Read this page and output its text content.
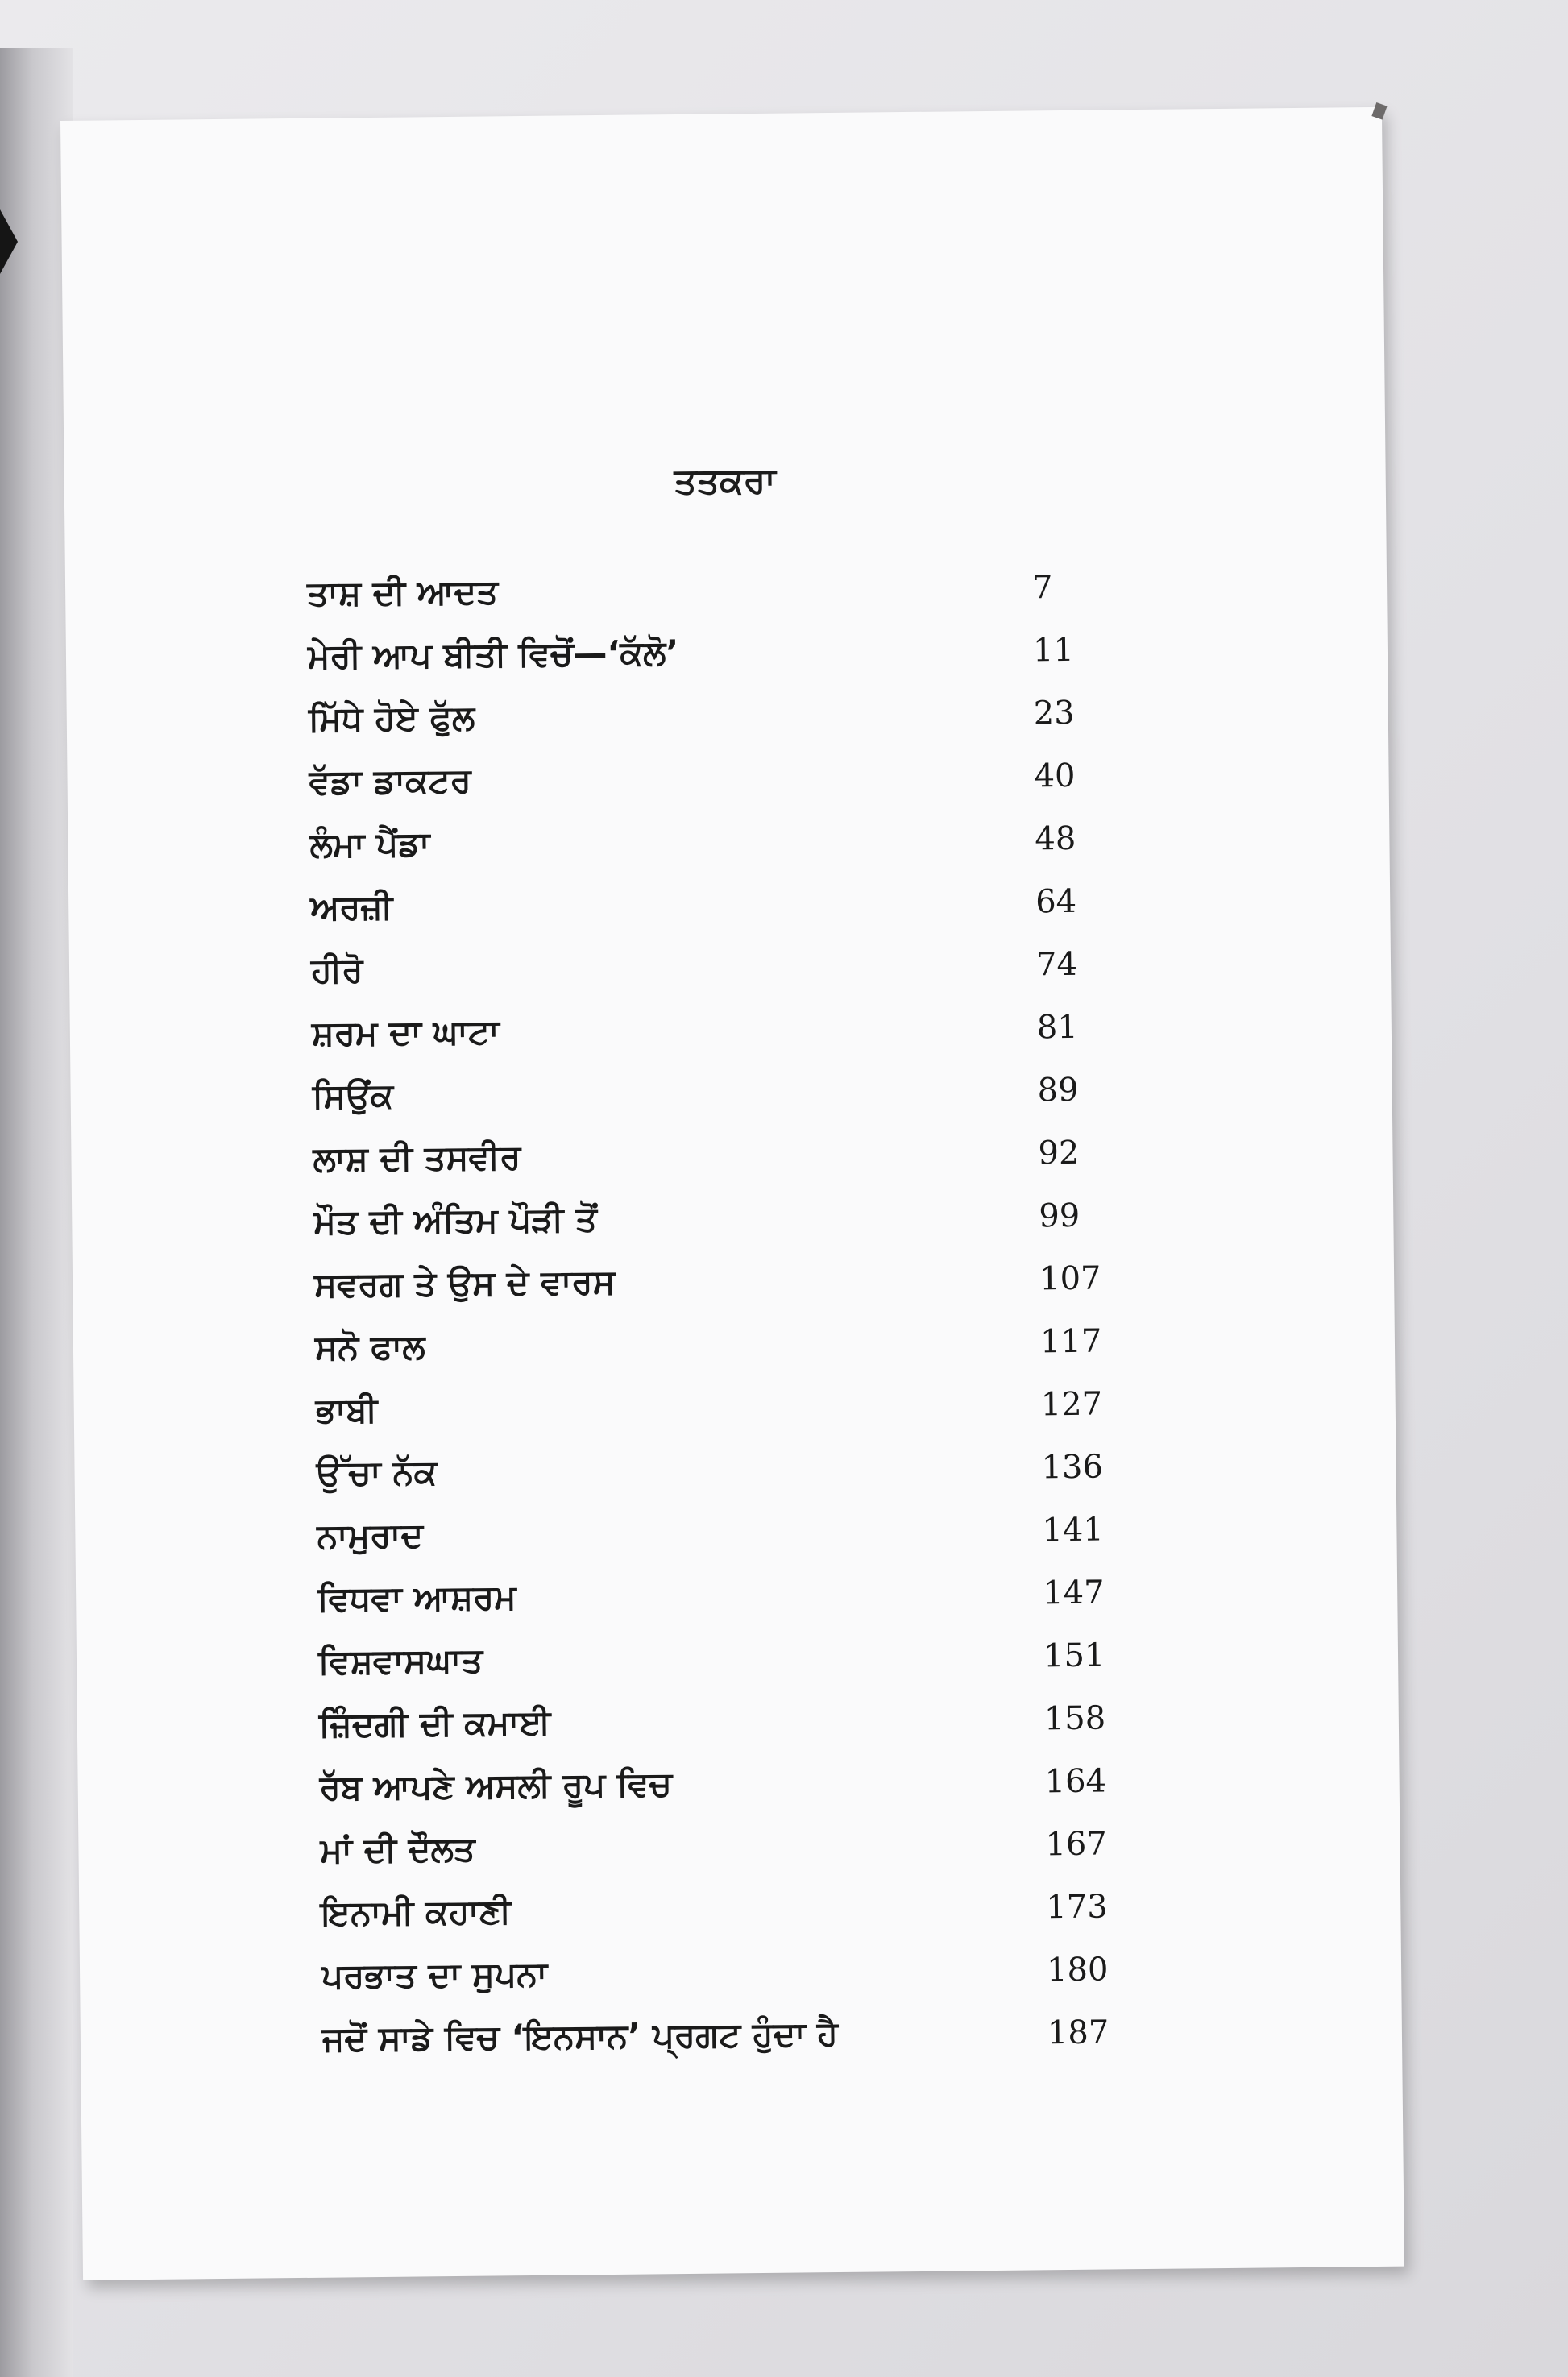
ਤਤਕਰਾ
ਤਾਸ਼ ਦੀ ਆਦਤ	7
ਮੇਰੀ ਆਪ ਬੀਤੀ ਵਿਚੋਂ—‘ਕੱਲੋ’	11
ਮਿੱਧੇ ਹੋਏ ਫੁੱਲ	23
ਵੱਡਾ ਡਾਕਟਰ	40
ਲੰਮਾ ਪੈਂਡਾ	48
ਅਰਜ਼ੀ	64
ਹੀਰੋ	74
ਸ਼ਰਮ ਦਾ ਘਾਟਾ	81
ਸਿਉਂਕ	89
ਲਾਸ਼ ਦੀ ਤਸਵੀਰ	92
ਮੌਤ ਦੀ ਅੰਤਿਮ ਪੌੜੀ ਤੋਂ	99
ਸਵਰਗ ਤੇ ਉਸ ਦੇ ਵਾਰਸ	107
ਸਨੋ ਫਾਲ	117
ਭਾਬੀ	127
ਉੱਚਾ ਨੱਕ	136
ਨਾਮੁਰਾਦ	141
ਵਿਧਵਾ ਆਸ਼ਰਮ	147
ਵਿਸ਼ਵਾਸਘਾਤ	151
ਜ਼ਿੰਦਗੀ ਦੀ ਕਮਾਈ	158
ਰੱਬ ਆਪਣੇ ਅਸਲੀ ਰੂਪ ਵਿਚ	164
ਮਾਂ ਦੀ ਦੌਲਤ	167
ਇਨਾਮੀ ਕਹਾਣੀ	173
ਪਰਭਾਤ ਦਾ ਸੁਪਨਾ	180
ਜਦੋਂ ਸਾਡੇ ਵਿਚ ‘ਇਨਸਾਨ’ ਪ੍ਰਗਟ ਹੁੰਦਾ ਹੈ	187
